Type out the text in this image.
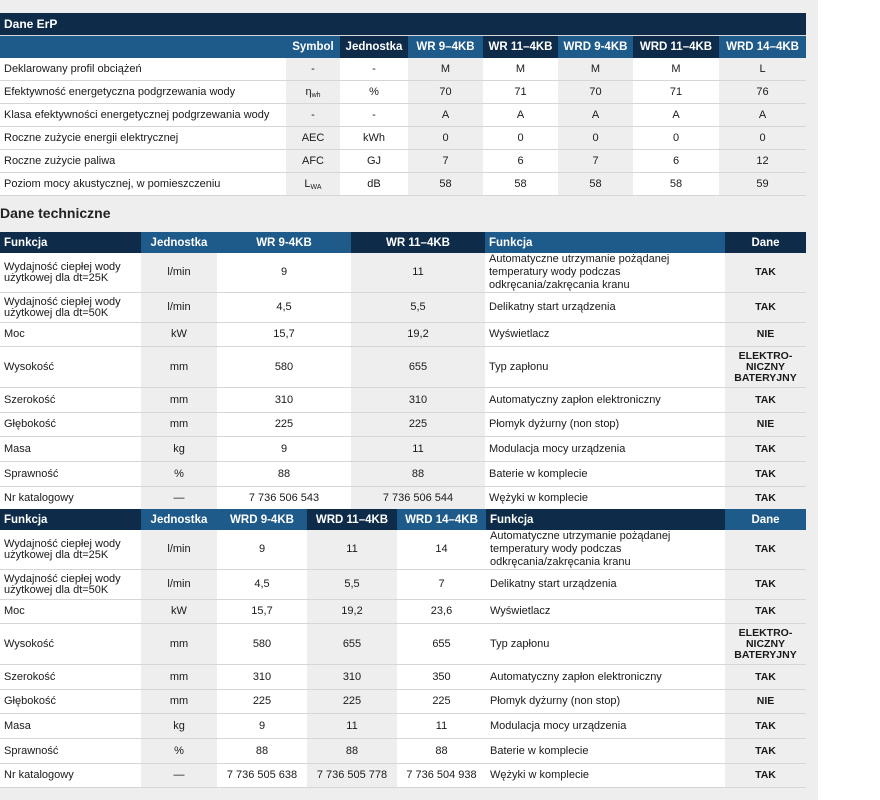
Dane ErP							
	Symbol	Jednostka	WR 9–4KB	WR 11–4KB	WRD 9-4KB	WRD 11–4KB	WRD 14–4KB
Deklarowany profil obciążeń	-	-	M	M	M	M	L
Efektywność energetyczna podgrzewania wody	$\eta_{wh}$	%	70	71	70	71	76
Klasa efektywności energetycznej podgrzewania wody	-	-	A	A	A	A	A
Roczne zużycie energii elektrycznej	AEC	kWh	0	0	0	0	0
Roczne zużycie paliwa	AFC	GJ	7	6	7	6	12
Poziom mocy akustycznej, w pomieszczeniu	$L_{WA}$	dB	58	58	58	58	59
Dane techniczne
Funkcja	Jednostka	WR 9-4KB	WR 11–4KB	Funkcja	Dane
Wydajność ciepłej wody użytkowej dla dt=25K	l/min	9	11	Automatyczne utrzymanie pożądanej temperatury wody podczas odkręcania/zakręcania kranu	TAK
Wydajność ciepłej wody użytkowej dla dt=50K	l/min	4,5	5,5	Delikatny start urządzenia	TAK
Moc	kW	15,7	19,2	Wyświetlacz	NIE
Wysokość	mm	580	655	Typ zapłonu	ELEKTRO-NICZNY BATERYJNY
Szerokość	mm	310	310	Automatyczny zapłon elektroniczny	TAK
Głębokość	mm	225	225	Płomyk dyżurny (non stop)	NIE
Masa	kg	9	11	Modulacja mocy urządzenia	TAK
Sprawność	%	88	88	Baterie w komplecie	TAK
Nr katalogowy	—	7 736 506 543	7 736 506 544	Wężyki w komplecie	TAK
Funkcja	Jednostka	WRD 9-4KB	WRD 11–4KB	WRD 14–4KB	Funkcja	Dane
Wydajność ciepłej wody użytkowej dla dt=25K	l/min	9	11	14	Automatyczne utrzymanie pożądanej temperatury wody podczas odkręcania/zakręcania kranu	TAK
Wydajność ciepłej wody użytkowej dla dt=50K	l/min	4,5	5,5	7	Delikatny start urządzenia	TAK
Moc	kW	15,7	19,2	23,6	Wyświetlacz	TAK
Wysokość	mm	580	655	655	Typ zapłonu	ELEKTRO-NICZNY BATERYJNY
Szerokość	mm	310	310	350	Automatyczny zapłon elektroniczny	TAK
Głębokość	mm	225	225	225	Płomyk dyżurny (non stop)	NIE
Masa	kg	9	11	11	Modulacja mocy urządzenia	TAK
Sprawność	%	88	88	88	Baterie w komplecie	TAK
Nr katalogowy	—	7 736 505 638	7 736 505 778	7 736 504 938	Wężyki w komplecie	TAK
